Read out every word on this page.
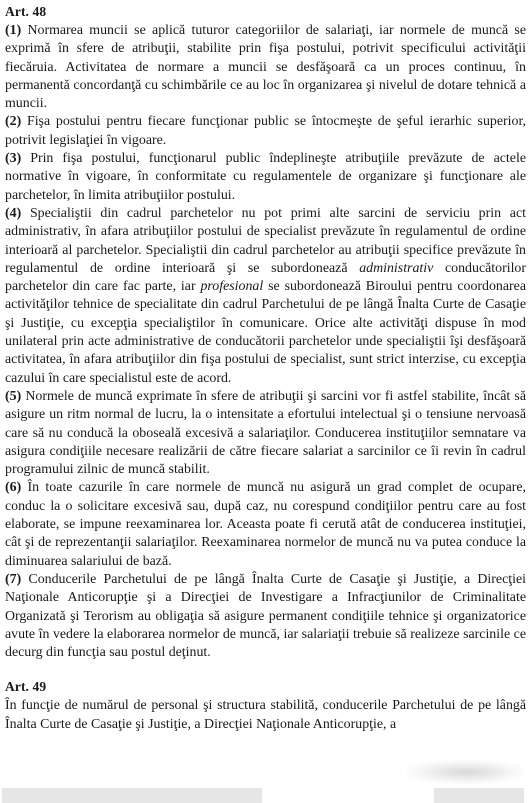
Art. 48

(1) Normarea muncii se aplică tuturor categoriilor de salariaţi, iar normele de muncă se exprimă în sfere de atribuţii, stabilite prin fişa postului, potrivit specificului activităţii fiecăruia. Activitatea de normare a muncii se desfăşoară ca un proces continuu, în permanentă concordanţă cu schimbările ce au loc în organizarea şi nivelul de dotare tehnică a muncii.

(2) Fişa postului pentru fiecare funcţionar public se întocmeşte de şeful ierarhic superior, potrivit legislaţiei în vigoare.

(3) Prin fişa postului, funcţionarul public îndeplineşte atribuţiile prevăzute de actele normative în vigoare, în conformitate cu regulamentele de organizare şi funcţionare ale parchetelor, în limita atribuţiilor postului.

(4) Specialiştii din cadrul parchetelor nu pot primi alte sarcini de serviciu prin act administrativ, în afara atribuţiilor postului de specialist prevăzute în regulamentul de ordine interioară al parchetelor. Specialiştii din cadrul parchetelor au atribuţii specifice prevăzute în regulamentul de ordine interioară şi se subordonează administrativ conducătorilor parchetelor din care fac parte, iar profesional se subordonează Biroului pentru coordonarea activităţilor tehnice de specialitate din cadrul Parchetului de pe lângă Înalta Curte de Casaţie şi Justiţie, cu excepţia specialiştilor în comunicare. Orice alte activităţi dispuse în mod unilateral prin acte administrative de conducătorii parchetelor unde specialiştii îşi desfăşoară activitatea, în afara atribuţiilor din fişa postului de specialist, sunt strict interzise, cu excepţia cazului în care specialistul este de acord.

(5) Normele de muncă exprimate în sfere de atribuţii şi sarcini vor fi astfel stabilite, încât să asigure un ritm normal de lucru, la o intensitate a efortului intelectual şi o tensiune nervoasă care să nu conducă la oboseală excesivă a salariaţilor. Conducerea instituţiilor semnatare va asigura condiţiile necesare realizării de către fiecare salariat a sarcinilor ce îi revin în cadrul programului zilnic de muncă stabilit.

(6) În toate cazurile în care normele de muncă nu asigură un grad complet de ocupare, conduc la o solicitare excesivă sau, după caz, nu corespund condiţiilor pentru care au fost elaborate, se impune reexaminarea lor. Aceasta poate fi cerută atât de conducerea instituţiei, cât şi de reprezentanţii salariaţilor. Reexaminarea normelor de muncă nu va putea conduce la diminuarea salariului de bază.

(7) Conducerile Parchetului de pe lângă Înalta Curte de Casaţie şi Justiţie, a Direcţiei Naţionale Anticorupţie şi a Direcţiei de Investigare a Infracţiunilor de Criminalitate Organizată şi Terorism au obligaţia să asigure permanent condiţiile tehnice şi organizatorice avute în vedere la elaborarea normelor de muncă, iar salariaţii trebuie să realizeze sarcinile ce decurg din funcţia sau postul deţinut.

Art. 49

În funcţie de numărul de personal şi structura stabilită, conducerile Parchetului de pe lângă Înalta Curte de Casaţie şi Justiţie, a Direcţiei Naţionale Anticorupţie, a
